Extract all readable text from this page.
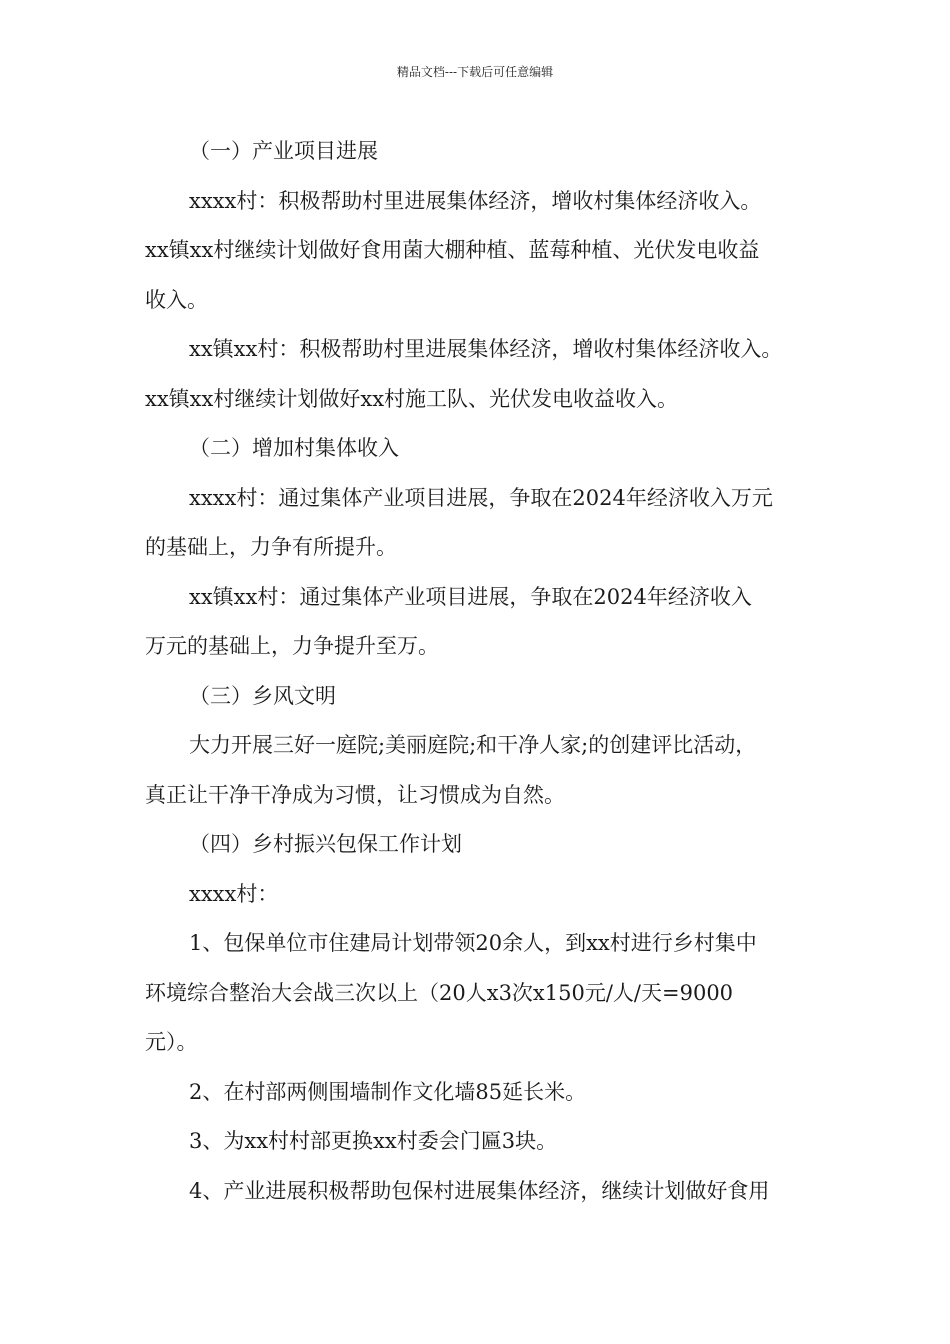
精品文档---下载后可任意编辑
（一）产业项目进展
xxxx村：积极帮助村里进展集体经济，增收村集体经济收入。
xx镇xx村继续计划做好食用菌大棚种植、蓝莓种植、光伏发电收益
收入。
xx镇xx村：积极帮助村里进展集体经济，增收村集体经济收入。
xx镇xx村继续计划做好xx村施工队、光伏发电收益收入。
（二）增加村集体收入
xxxx村：通过集体产业项目进展，争取在2024年经济收入万元
的基础上，力争有所提升。
xx镇xx村：通过集体产业项目进展，争取在2024年经济收入
万元的基础上，力争提升至万。
（三）乡风文明
大力开展三好一庭院;美丽庭院;和干净人家;的创建评比活动，
真正让干净干净成为习惯，让习惯成为自然。
（四）乡村振兴包保工作计划
xxxx村：
1、包保单位市住建局计划带领20余人，到xx村进行乡村集中
环境综合整治大会战三次以上（20人x3次x150元/人/天=9000
元）。
2、在村部两侧围墙制作文化墙85延长米。
3、为xx村村部更换xx村委会门匾3块。
4、产业进展积极帮助包保村进展集体经济，继续计划做好食用
